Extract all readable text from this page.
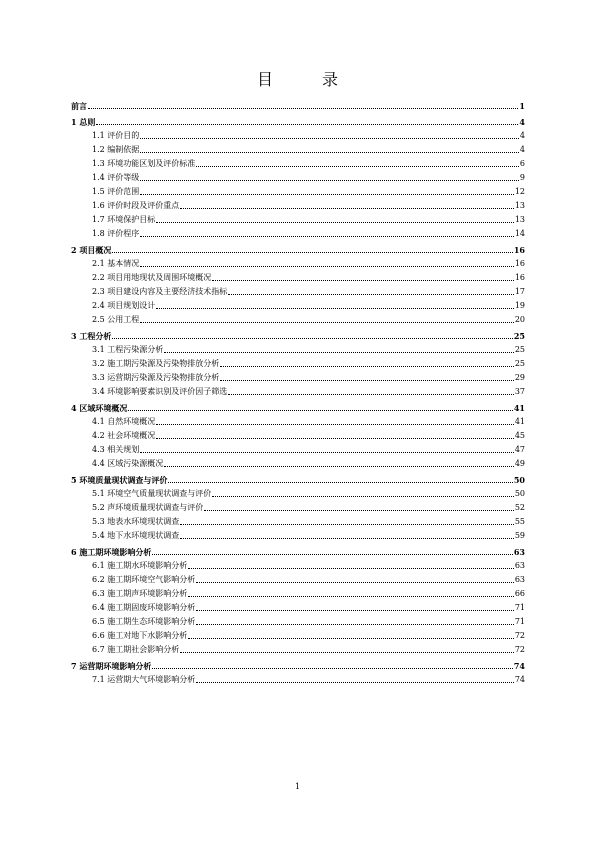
目 录
前言	1
1 总则	4
1.1 评价目的	4
1.2 编制依据	4
1.3 环境功能区划及评价标准	6
1.4 评价等级	9
1.5 评价范围	12
1.6 评价时段及评价重点	13
1.7 环境保护目标	13
1.8 评价程序	14
2 项目概况	16
2.1 基本情况	16
2.2 项目用地现状及周围环境概况	16
2.3 项目建设内容及主要经济技术指标	17
2.4 项目规划设计	19
2.5 公用工程	20
3 工程分析	25
3.1 工程污染源分析	25
3.2 施工期污染源及污染物排放分析	25
3.3 运营期污染源及污染物排放分析	29
3.4 环境影响要素识别及评价因子筛选	37
4 区域环境概况	41
4.1 自然环境概况	41
4.2 社会环境概况	45
4.3 相关规划	47
4.4 区域污染源概况	49
5 环境质量现状调查与评价	50
5.1 环境空气质量现状调查与评价	50
5.2 声环境质量现状调查与评价	52
5.3 地表水环境现状调查	55
5.4 地下水环境现状调查	59
6 施工期环境影响分析	63
6.1 施工期水环境影响分析	63
6.2 施工期环境空气影响分析	63
6.3 施工期声环境影响分析	66
6.4 施工期固废环境影响分析	71
6.5 施工期生态环境影响分析	71
6.6 施工对地下水影响分析	72
6.7 施工期社会影响分析	72
7 运营期环境影响分析	74
7.1 运营期大气环境影响分析	74
1
